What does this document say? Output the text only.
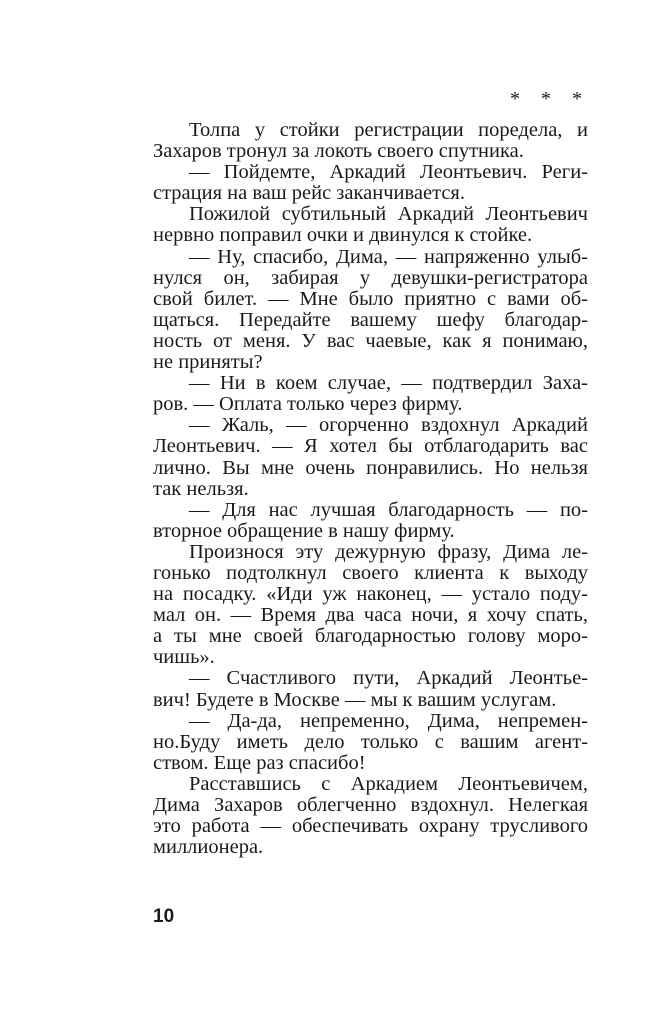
* * *
Толпа у стойки регистрации поредела, и
Захаров тронул за локоть своего спутника.
— Пойдемте, Аркадий Леонтьевич. Реги-
страция на ваш рейс заканчивается.
Пожилой субтильный Аркадий Леонтьевич
нервно поправил очки и двинулся к стойке.
— Ну, спасибо, Дима, — напряженно улыб-
нулся он, забирая у девушки-регистратора
свой билет. — Мне было приятно с вами об-
щаться. Передайте вашему шефу благодар-
ность от меня. У вас чаевые, как я понимаю,
не приняты?
— Ни в коем случае, — подтвердил Заха-
ров. — Оплата только через фирму.
— Жаль, — огорченно вздохнул Аркадий
Леонтьевич. — Я хотел бы отблагодарить вас
лично. Вы мне очень понравились. Но нельзя
так нельзя.
— Для нас лучшая благодарность — по-
вторное обращение в нашу фирму.
Произнося эту дежурную фразу, Дима ле-
гонько подтолкнул своего клиента к выходу
на посадку. «Иди уж наконец, — устало поду-
мал он. — Время два часа ночи, я хочу спать,
а ты мне своей благодарностью голову моро-
чишь».
— Счастливого пути, Аркадий Леонтье-
вич! Будете в Москве — мы к вашим услугам.
— Да-да, непременно, Дима, непремен-
но.Буду иметь дело только с вашим агент-
ством. Еще раз спасибо!
Расставшись с Аркадием Леонтьевичем,
Дима Захаров облегченно вздохнул. Нелегкая
это работа — обеспечивать охрану трусливого
миллионера.
10
